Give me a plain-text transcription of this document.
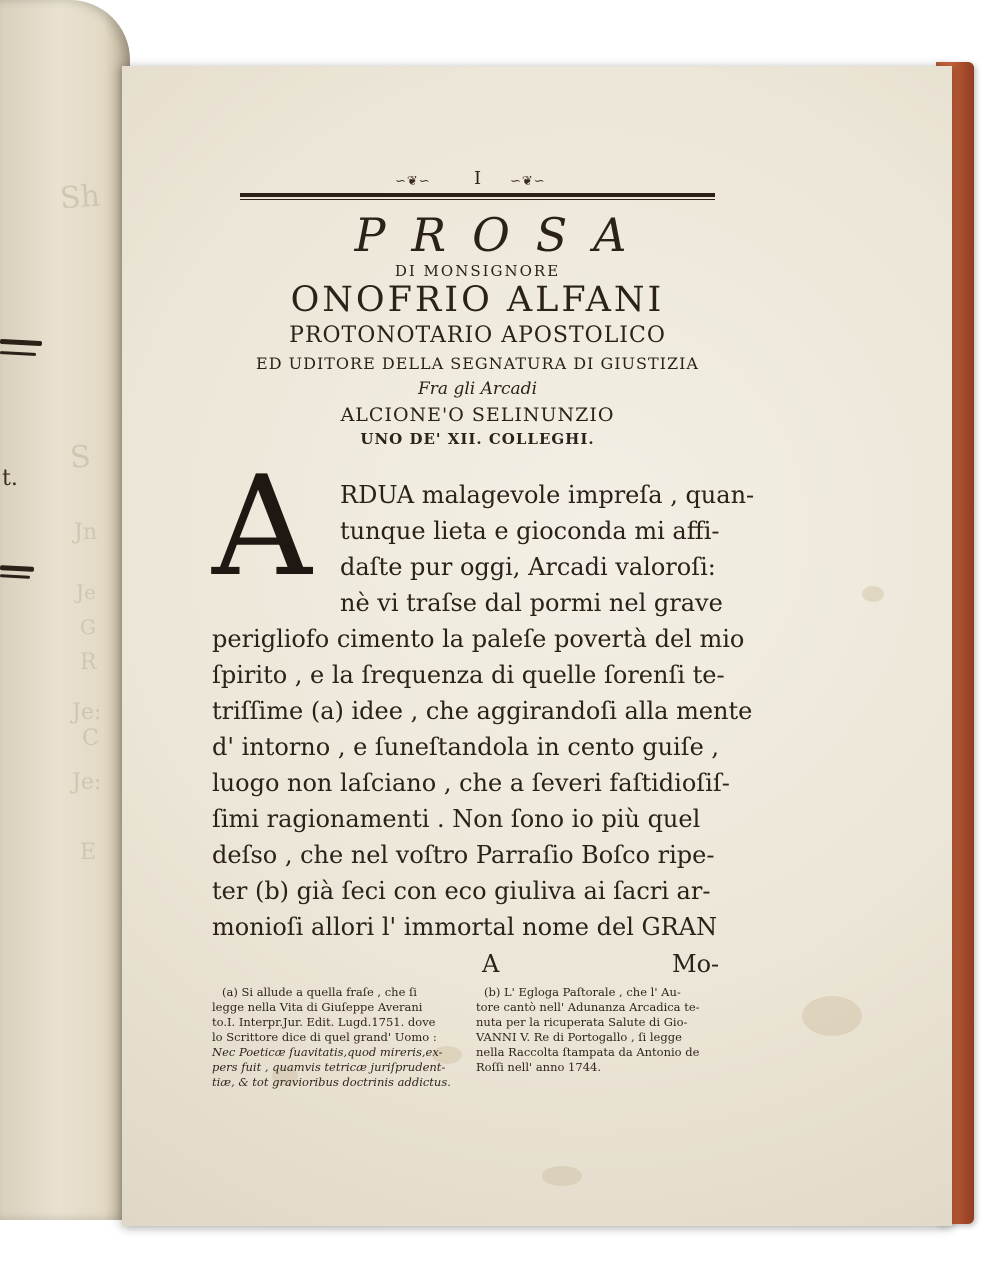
t.
Sh
S
Jn
Je
G
R
Je:
Je:
E
C
∽❦∽ I ∽❦∽
PROSA
DI MONSIGNORE
ONOFRIO ALFANI
PROTONOTARIO APOSTOLICO
ED UDITORE DELLA SEGNATURA DI GIUSTIZIA
Fra gli Arcadi
ALCIONE'O SELINUNZIO
UNO DE' XII. COLLEGHI.
A RDUA malagevole impreſa , quan-
tunque lieta e gioconda mi affi-
daſte pur oggi, Arcadi valoroſi:
nè vi traſse dal pormi nel grave
perigliofo cimento la paleſe povertà del mio
ſpirito , e la ſrequenza di quelle ſorenſi te-
triſſime (a) idee , che aggirandoſi alla mente
d' intorno , e ſuneſtandola in cento guiſe ,
luogo non laſciano , che a ſeveri faſtidioſiſ-
ſimi ragionamenti . Non ſono io più quel
deſso , che nel voſtro Parraſio Boſco ripe-
ter (b) già ſeci con eco giuliva ai ſacri ar-
monioſi allori l' immortal nome del GRAN
A	Mo-
(a) Si allude a quella fraſe , che ſi
legge nella Vita di Giuſeppe Averani
to.I. Interpr.Jur. Edit. Lugd.1751. dove
lo Scrittore dice di quel grand' Uomo :
Nec Poeticæ ſuavitatis,quod mireris,ex-
pers fuit , quamvis tetricæ juriſprudent-
tiæ, & tot gravioribus doctrinis addictus.
(b) L' Egloga Paſtorale , che l' Au-
tore cantò nell' Adunanza Arcadica te-
nuta per la ricuperata Salute di Gio-
VANNI V. Re di Portogallo , ſi legge
nella Raccolta ſtampata da Antonio de
Roſſi nell' anno 1744.
